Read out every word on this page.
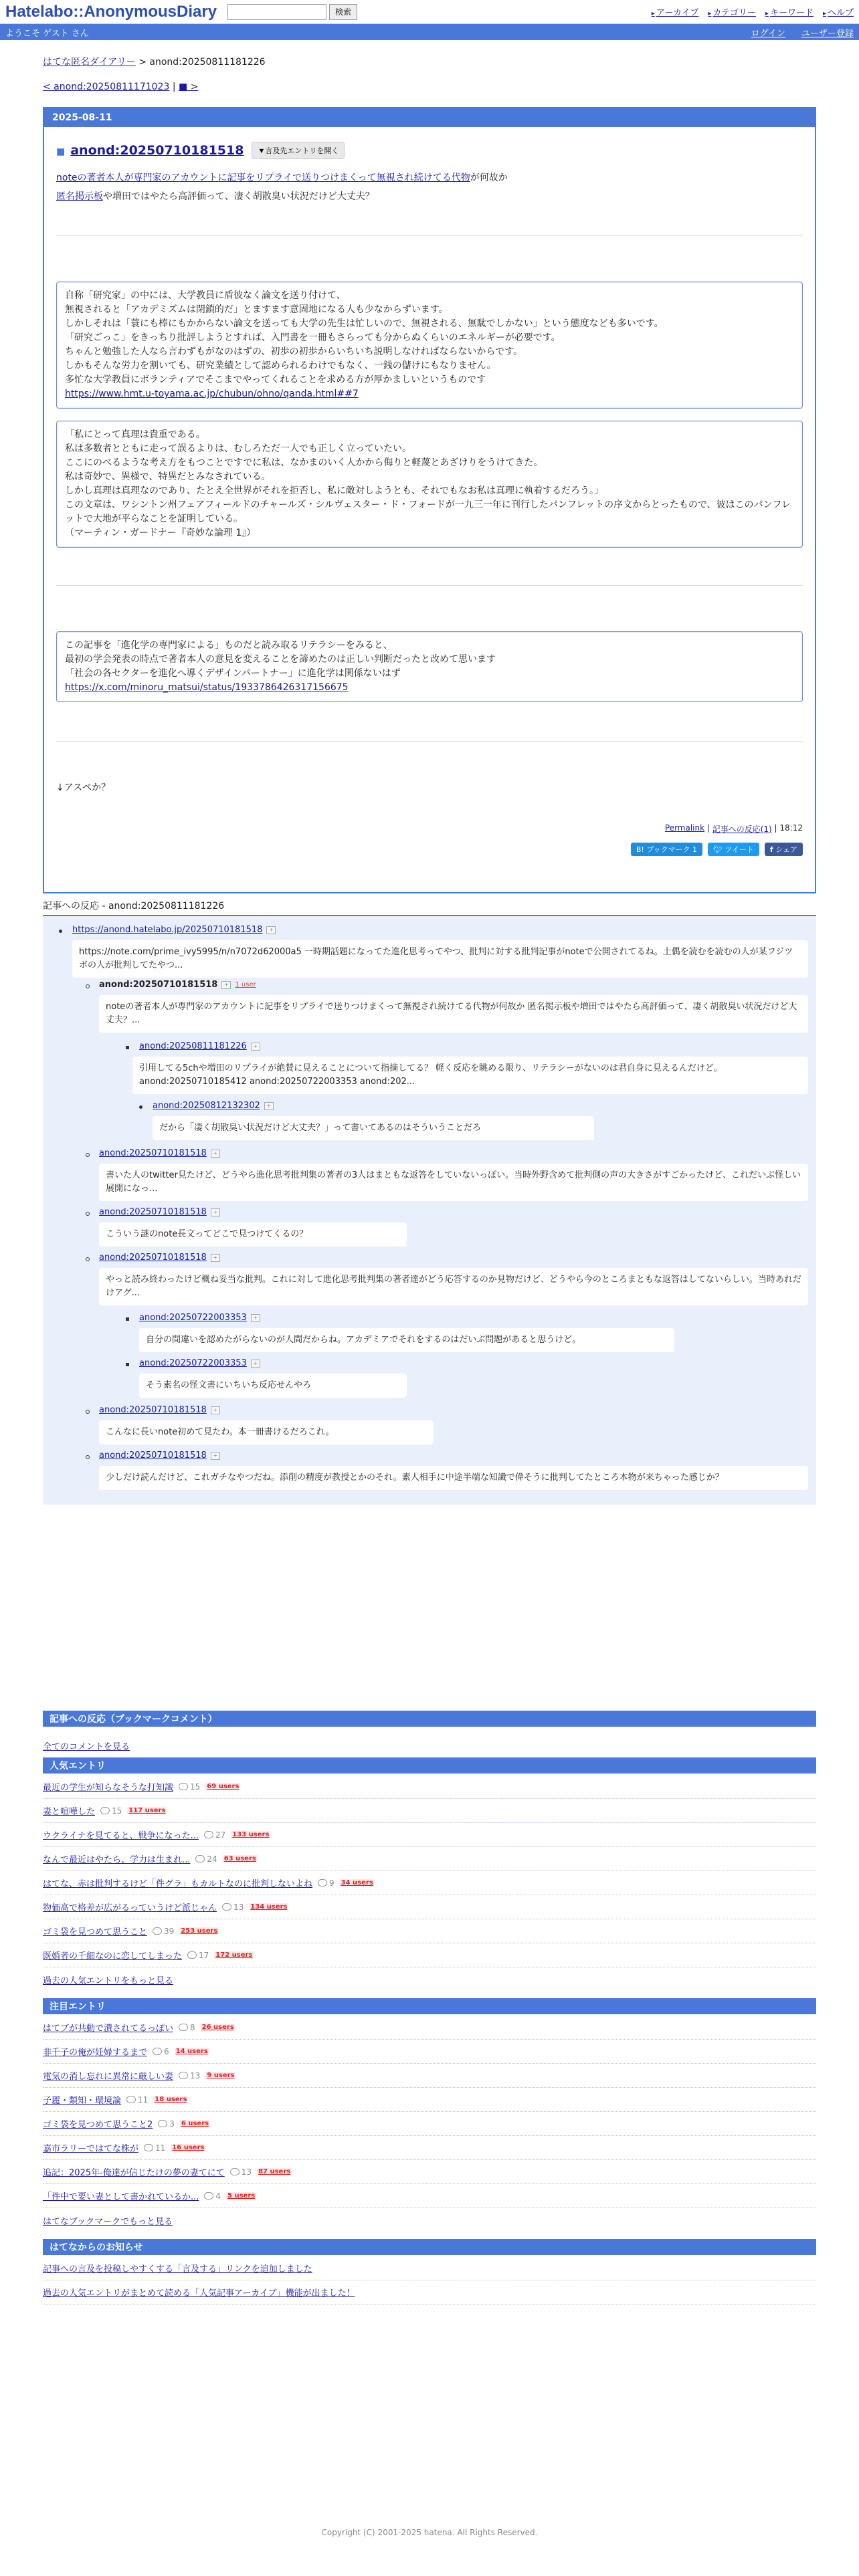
Hatelabo::AnonymousDiary	検索	▸ アーカイブ	▸ カテゴリー	▸ キーワード	▸ ヘルプ
ようこそ ゲスト さん	ログイン ユーザー登録
はてな匿名ダイアリー > anond:20250811181226
< anond:20250811171023 | ■ >
2025-08-11
■ anond:20250710181518	▼言及先エントリを開く
noteの著者本人が専門家のアカウントに記事をリプライで送りつけまくって無視され続けてる代物が何故か
匿名掲示板や増田ではやたら高評価って、凄く胡散臭い状況だけど大丈夫？

自称「研究家」の中には、大学教員に盾彼なく論文を送り付けて、

無視されると「アカデミズムは閉鎖的だ」とますます意固地になる人も少なからずいます。

しかしそれは「蓑にも棒にもかからない論文を送っても大学の先生は忙しいので、無視される、無駄でしかない」という態度なども多いです。

「研究ごっこ」をきっちり批評しようとすれば、入門書を一冊もさらっても分からぬくらいのエネルギーが必要です。

ちゃんと勉強した人なら言わずもがなのはずの、初歩の初歩からいちいち説明しなければならないからです。

しかもそんな労力を割いても、研究業績として認められるわけでもなく、一銭の儲けにもなりません。

多忙な大学教員にボランティアでそこまでやってくれることを求める方が厚かましいというものです

https://www.hmt.u-toyama.ac.jp/chubun/ohno/qanda.html##7

「私にとって真理は貴重である。

私は多数者とともに走って誤るよりは、むしろただ一人でも正しく立っていたい。

ここにのべるような考え方をもつことですでに私は、なかまのいく人かから侮りと軽蔑とあざけりをうけてきた。

私は奇妙で、異様で、特異だとみなされている。

しかし真理は真理なのであり、たとえ全世界がそれを拒否し、私に敵対しようとも、それでもなお私は真理に執着するだろう。」

この文章は、ワシントン州フェアフィールドのチャールズ・シルヴェスター・ド・フォードが一九三一年に刊行したパンフレットの序文からとったもので、彼はこのパンフレットで大地が平らなことを証明している。

（マーティン・ガードナー『奇妙な論理 1』）

この記事を「進化学の専門家による」ものだと読み取るリテラシーをみると、

最初の学会発表の時点で著者本人の意見を変えることを諦めたのは正しい判断だったと改めて思います

「社会の各セクターを進化へ導くデザインパートナー」に進化学は関係ないはず

https://x.com/minoru_matsui/status/1933786426317156675

↓アスペか？
Permalink | 記事への反応(1) | 18:12
B! ブックマーク
1 🐦︎
ツイート f
シェア
記事への反応 - anond:20250811181226
https://anond.hatelabo.jp/20250710181518	+
https://note.com/prime_ivy5995/n/n7072d62000a5 一時期話題になってた進化思考ってやつ、批判に対する批判記事がnoteで公開されてるね。土偶を読むを読むの人が某フジツボの人が批判してたやつ...
anond:20250710181518	+ 1 user
noteの著者本人が専門家のアカウントに記事をリプライで送りつけまくって無視され続けてる代物が何故か 匿名掲示板や増田ではやたら高評価って、凄く胡散臭い状況だけど大丈夫？...
anond:20250811181226	+
引用してる5chや増田のリプライが絶賛に見えることについて指摘してる？ 軽く反応を眺める限り、リテラシーがないのは君自身に見えるんだけど。anond:20250710185412 anond:20250722003353 anond:202...
anond:20250812132302	+
だから「凄く胡散臭い状況だけど大丈夫？」って書いてあるのはそういうことだろ
anond:20250710181518	+
書いた人のtwitter見たけど、どうやら進化思考批判集の著者の3人はまともな返答をしていないっぽい。当時外野含めて批判側の声の大きさがすごかったけど、これだいぶ怪しい展開になっ...
anond:20250710181518	+
こういう謎のnote長文ってどこで見つけてくるの？
anond:20250710181518	+
やっと読み終わったけど概ね妥当な批判。これに対して進化思考批判集の著者達がどう応答するのか見物だけど、どうやら今のところまともな返答はしてないらしい。当時あれだけアグ...
anond:20250722003353	+
自分の間違いを認めたがらないのが人間だからね。アカデミアでそれをするのはだいぶ問題があると思うけど。
anond:20250722003353	+
そう素名の怪文書にいちいち反応せんやろ
anond:20250710181518	+
こんなに長いnote初めて見たわ。本一冊書けるだろこれ。
anond:20250710181518	+
少しだけ読んだけど、これガチなやつだね。添削の精度が教授とかのそれ。素人相手に中途半端な知識で偉そうに批判してたところ本物が来ちゃった感じか？
記事への反応（ブックマークコメント）
全てのコメントを見る
人気エントリ
最近の学生が知らなそうな打知識 15 69 users
妻と喧嘩した 15 117 users
ウクライナを見てると、戦争になった... 27 133 users
なんで最近はやたら、学力は生まれ... 24 63 users
はてな、赤は批判するけど「件グラ」もカルトなのに批判しないよね 9 34 users
物価高で格差が広がるっていうけど派じゃん 13 134 users
ゴミ袋を見つめて思うこと 39 253 users
既婚者の千細なのに恋してしまった 17 172 users
過去の人気エントリをもっと見る
注目エントリ
はてブが共動で潰されてるっぽい 8 26 users
非千子の俺が妊婦するまで 6 14 users
電気の消し忘れに異常に厳しい妻 13 9 users
子麗・類知・環境論 11 18 users
ゴミ袋を見つめて思うこと2 3 6 users
嘉市ラリーではてな株が 11 16 users
追記：2025年-俺達が信じたけの夢の妻てにて 13 87 users
「件中で要い妻として書かれているか... 4 5 users
はてなブックマークでもっと見る
はてなからのお知らせ
記事への言及を投稿しやすくする「言及する」リンクを追加しました
過去の人気エントリがまとめて読める「人気記事アーカイブ」機能が出ました！
Copyright (C) 2001-2025 hatena. All Rights Reserved.
